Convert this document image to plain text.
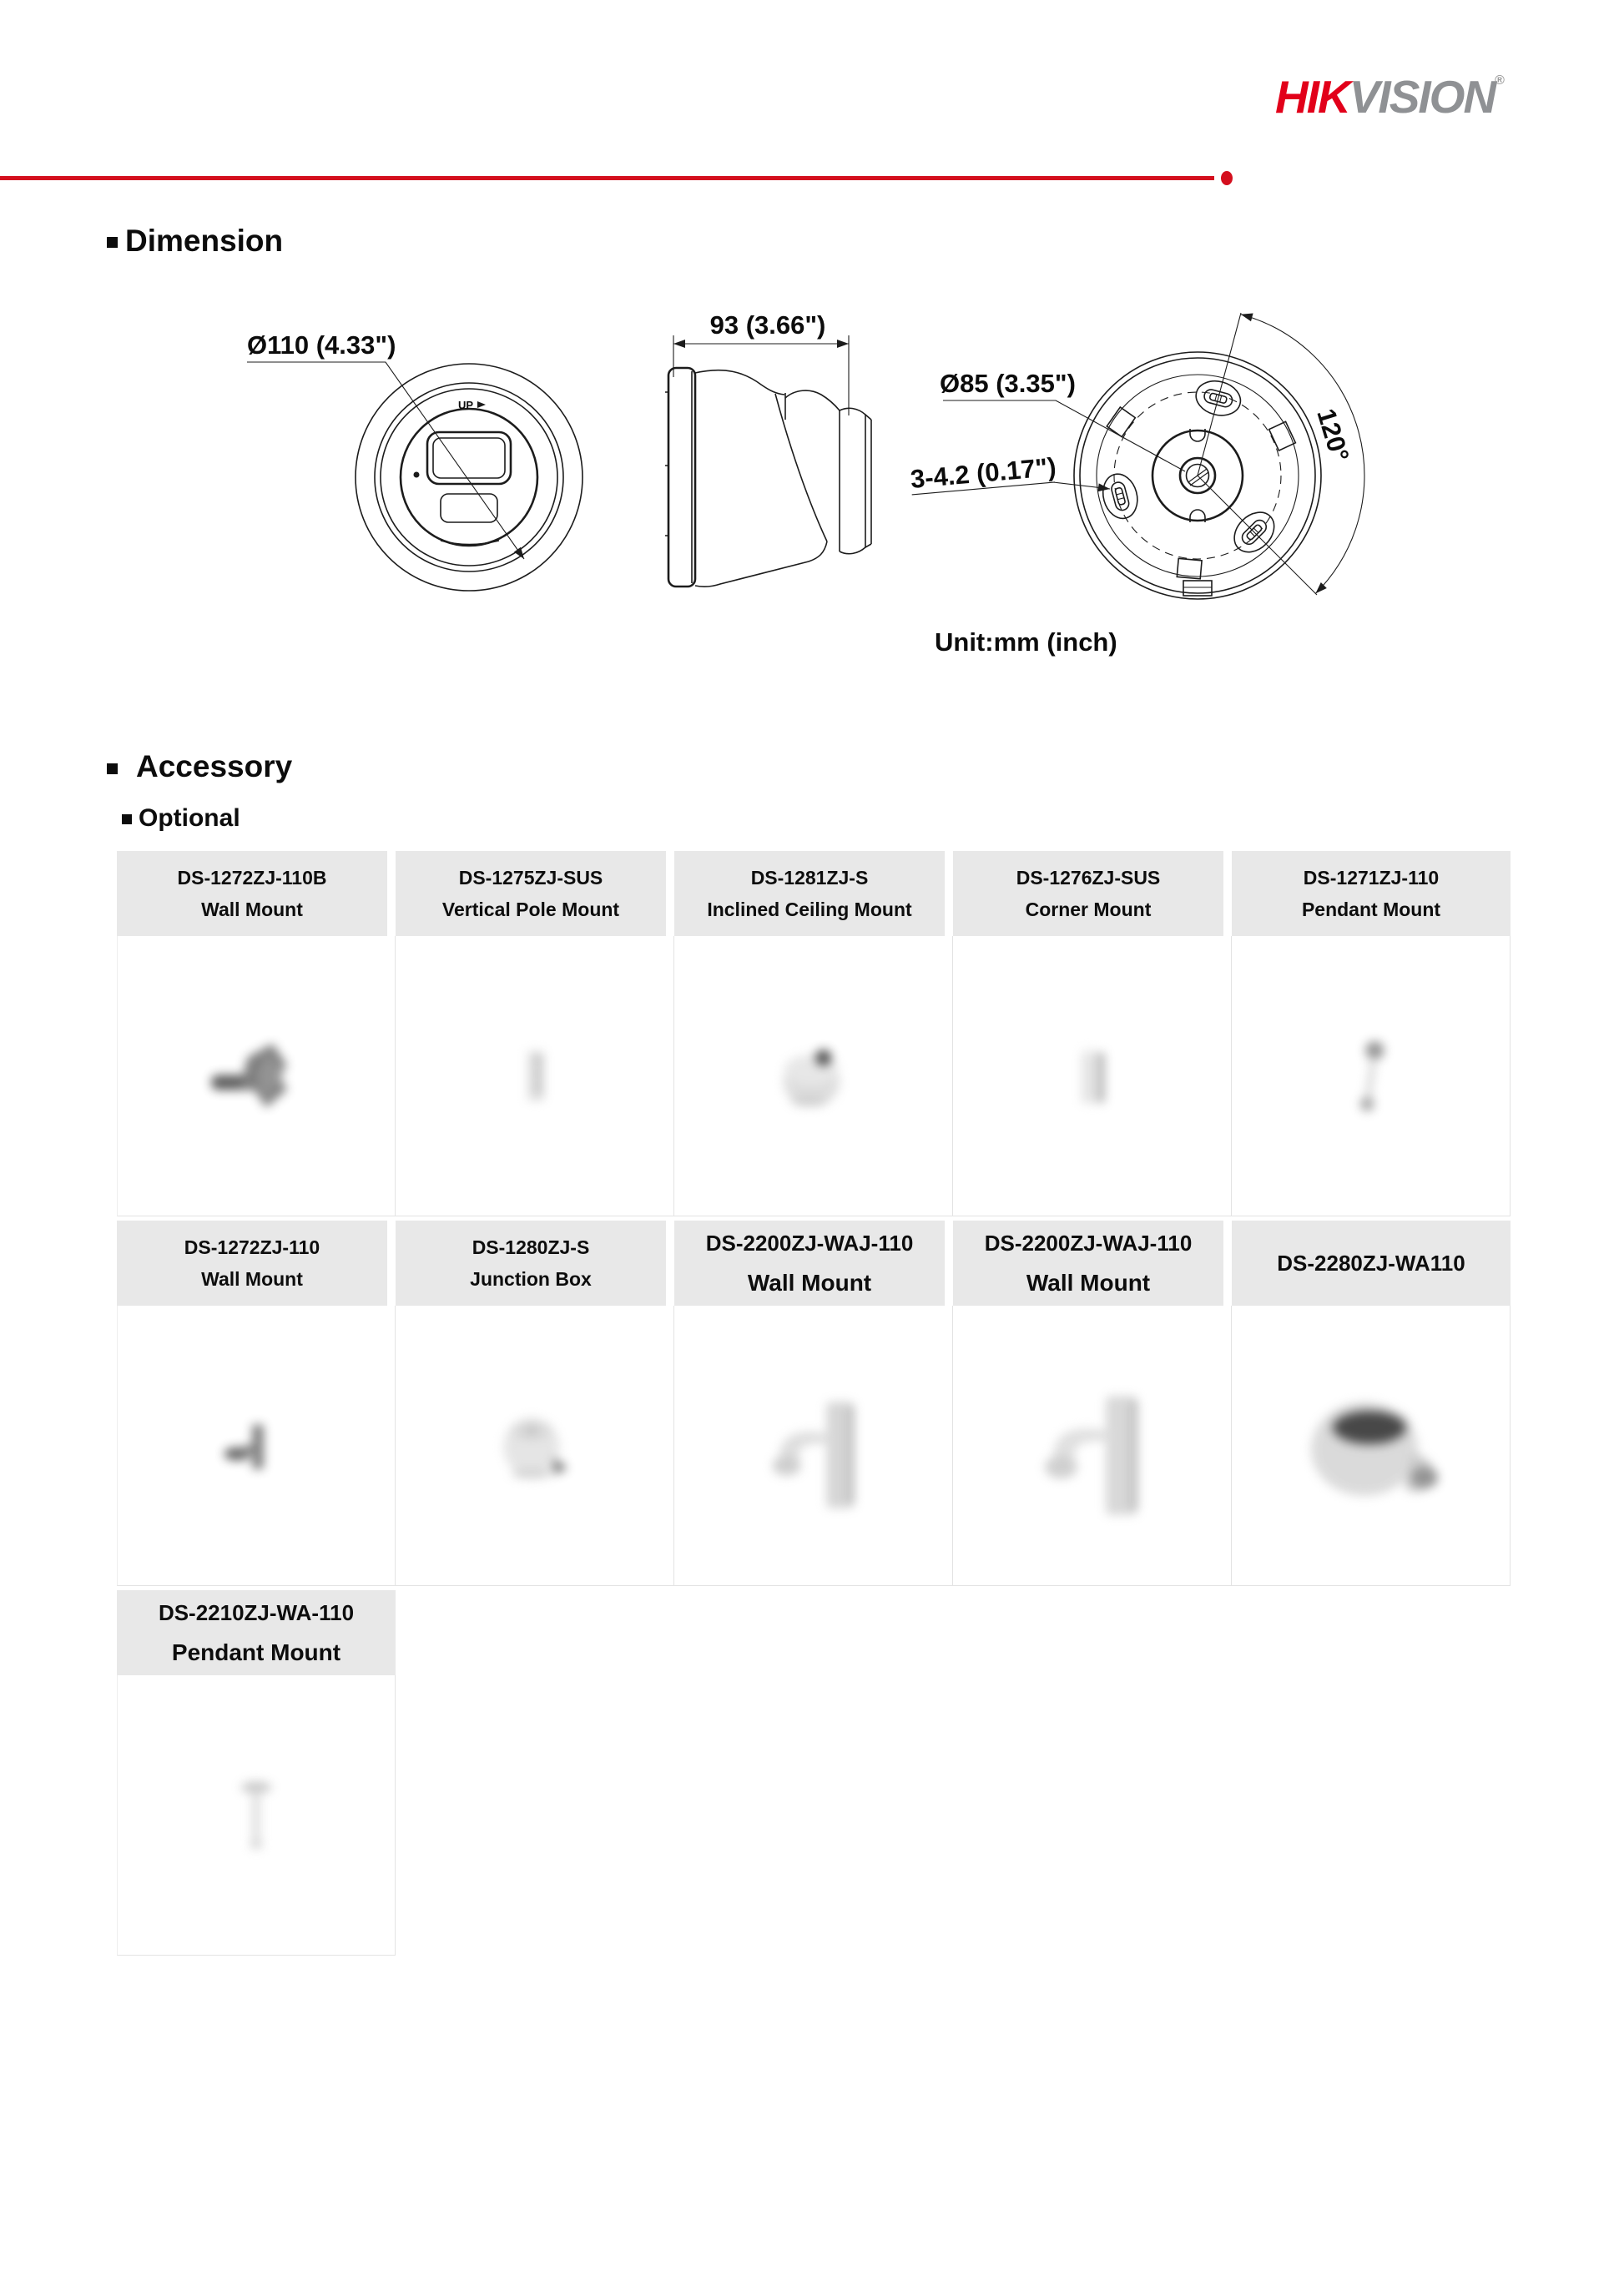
HIKVISION®
Dimension
UP
Ø110 (4.33")
93 (3.66")
Ø85 (3.35")
3-4.2 (0.17")
120°
Unit:mm (inch)
Accessory
Optional
DS-1272ZJ-110B
Wall Mount
DS-1275ZJ-SUS
Vertical Pole Mount
DS-1281ZJ-S
Inclined Ceiling Mount
DS-1276ZJ-SUS
Corner Mount
DS-1271ZJ-110
Pendant Mount
DS-1272ZJ-110
Wall Mount
DS-1280ZJ-S
Junction Box
DS-2200ZJ-WAJ-110
Wall Mount
DS-2200ZJ-WAJ-110
Wall Mount
DS-2280ZJ-WA110
DS-2210ZJ-WA-110
Pendant Mount
